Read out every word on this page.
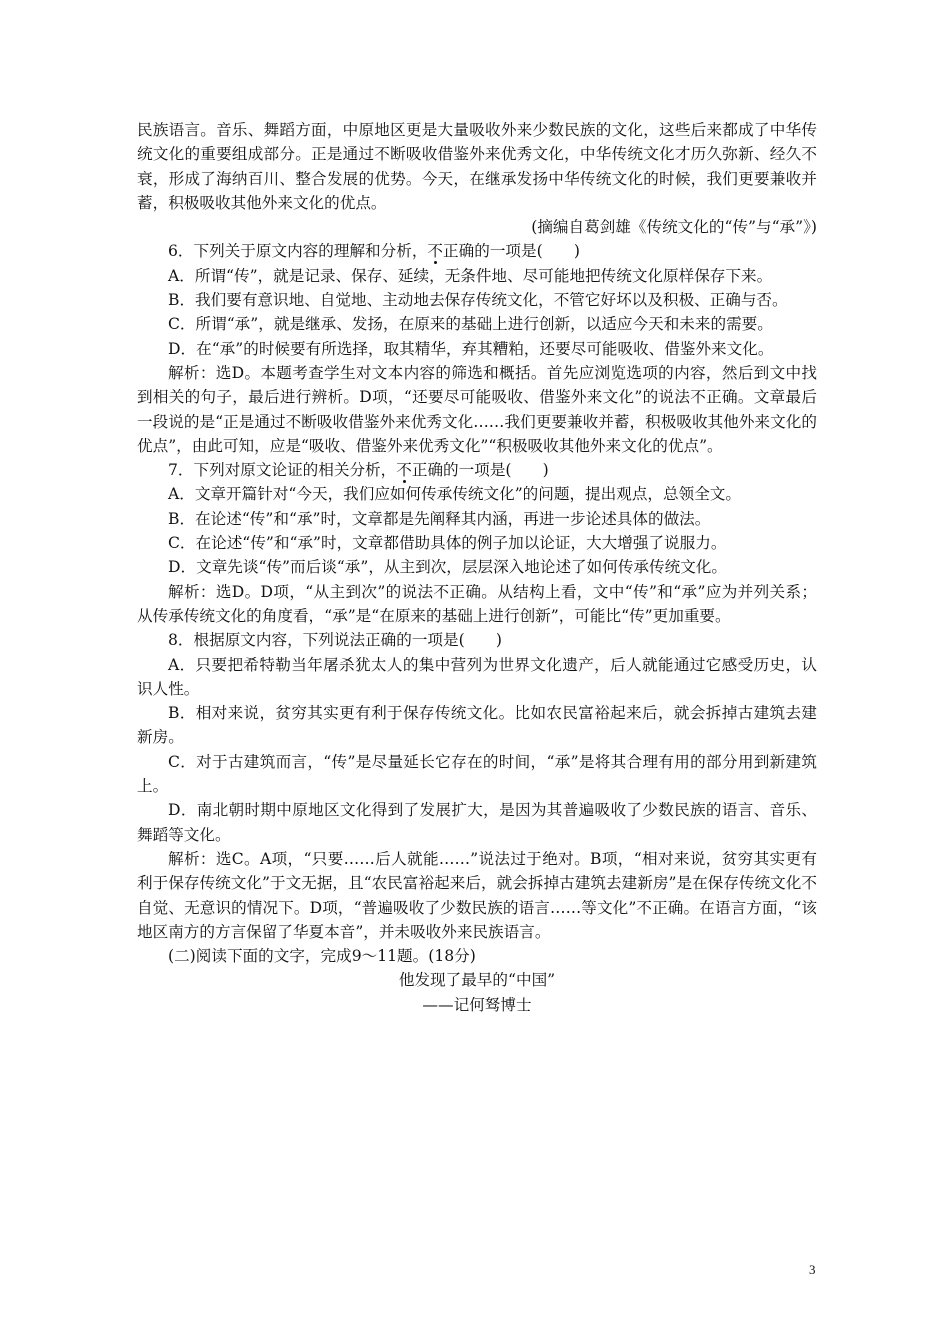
民族语言。音乐、舞蹈方面，中原地区更是大量吸收外来少数民族的文化，这些后来都成了中华传统文化的重要组成部分。正是通过不断吸收借鉴外来优秀文化，中华传统文化才历久弥新、经久不衰，形成了海纳百川、整合发展的优势。今天，在继承发扬中华传统文化的时候，我们更要兼收并蓄，积极吸收其他外来文化的优点。

(摘编自葛剑雄《传统文化的“传”与“承”》)

6．下列关于原文内容的理解和分析，不正确的一项是(　　)

A．所谓“传”，就是记录、保存、延续，无条件地、尽可能地把传统文化原样保存下来。

B．我们要有意识地、自觉地、主动地去保存传统文化，不管它好坏以及积极、正确与否。

C．所谓“承”，就是继承、发扬，在原来的基础上进行创新，以适应今天和未来的需要。

D．在“承”的时候要有所选择，取其精华，弃其糟粕，还要尽可能吸收、借鉴外来文化。

解析：选D。本题考查学生对文本内容的筛选和概括。首先应浏览选项的内容，然后到文中找到相关的句子，最后进行辨析。D项，“还要尽可能吸收、借鉴外来文化”的说法不正确。文章最后一段说的是“正是通过不断吸收借鉴外来优秀文化……我们更要兼收并蓄，积极吸收其他外来文化的优点”，由此可知，应是“吸收、借鉴外来优秀文化”“积极吸收其他外来文化的优点”。

7．下列对原文论证的相关分析，不正确的一项是(　　)

A．文章开篇针对“今天，我们应如何传承传统文化”的问题，提出观点，总领全文。

B．在论述“传”和“承”时，文章都是先阐释其内涵，再进一步论述具体的做法。

C．在论述“传”和“承”时，文章都借助具体的例子加以论证，大大增强了说服力。

D．文章先谈“传”而后谈“承”，从主到次，层层深入地论述了如何传承传统文化。

解析：选D。D项，“从主到次”的说法不正确。从结构上看，文中“传”和“承”应为并列关系；从传承传统文化的角度看，“承”是“在原来的基础上进行创新”，可能比“传”更加重要。

8．根据原文内容，下列说法正确的一项是(　　)

A．只要把希特勒当年屠杀犹太人的集中营列为世界文化遗产，后人就能通过它感受历史，认识人性。

B．相对来说，贫穷其实更有利于保存传统文化。比如农民富裕起来后，就会拆掉古建筑去建新房。

C．对于古建筑而言，“传”是尽量延长它存在的时间，“承”是将其合理有用的部分用到新建筑上。

D．南北朝时期中原地区文化得到了发展扩大，是因为其普遍吸收了少数民族的语言、音乐、舞蹈等文化。

解析：选C。A项，“只要……后人就能……”说法过于绝对。B项，“相对来说，贫穷其实更有利于保存传统文化”于文无据，且“农民富裕起来后，就会拆掉古建筑去建新房”是在保存传统文化不自觉、无意识的情况下。D项，“普遍吸收了少数民族的语言……等文化”不正确。在语言方面，“该地区南方的方言保留了华夏本音”，并未吸收外来民族语言。

(二)阅读下面的文字，完成9～11题。(18分)

他发现了最早的“中国”

——记何驽博士

3
